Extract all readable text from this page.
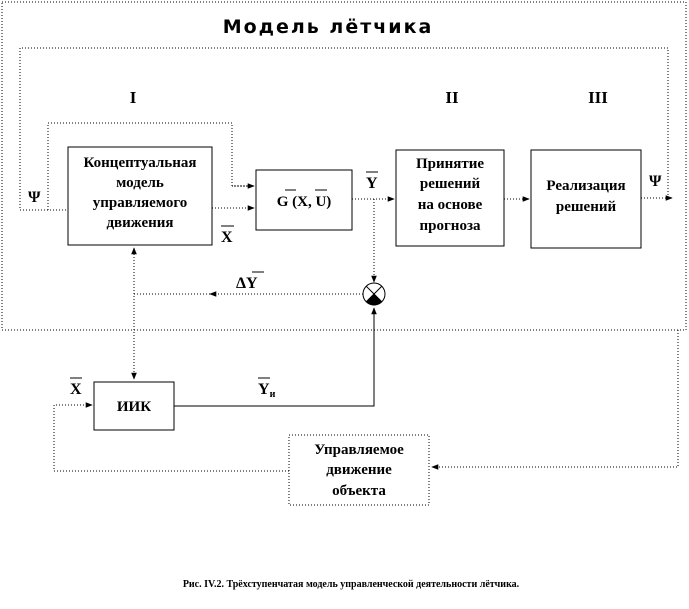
Модель лётчика
I	II	III
Ψ
Концептуальная
модель
управляемого
движения
X
G (X, U)
Y
Принятие
решений
на основе
прогноза
Реализация
решений
Ψ
ΔY
ИИК
Yи
X
Управляемое
движение
объекта
Рис. IV.2. Трёхступенчатая модель управленческой деятельности лётчика.
